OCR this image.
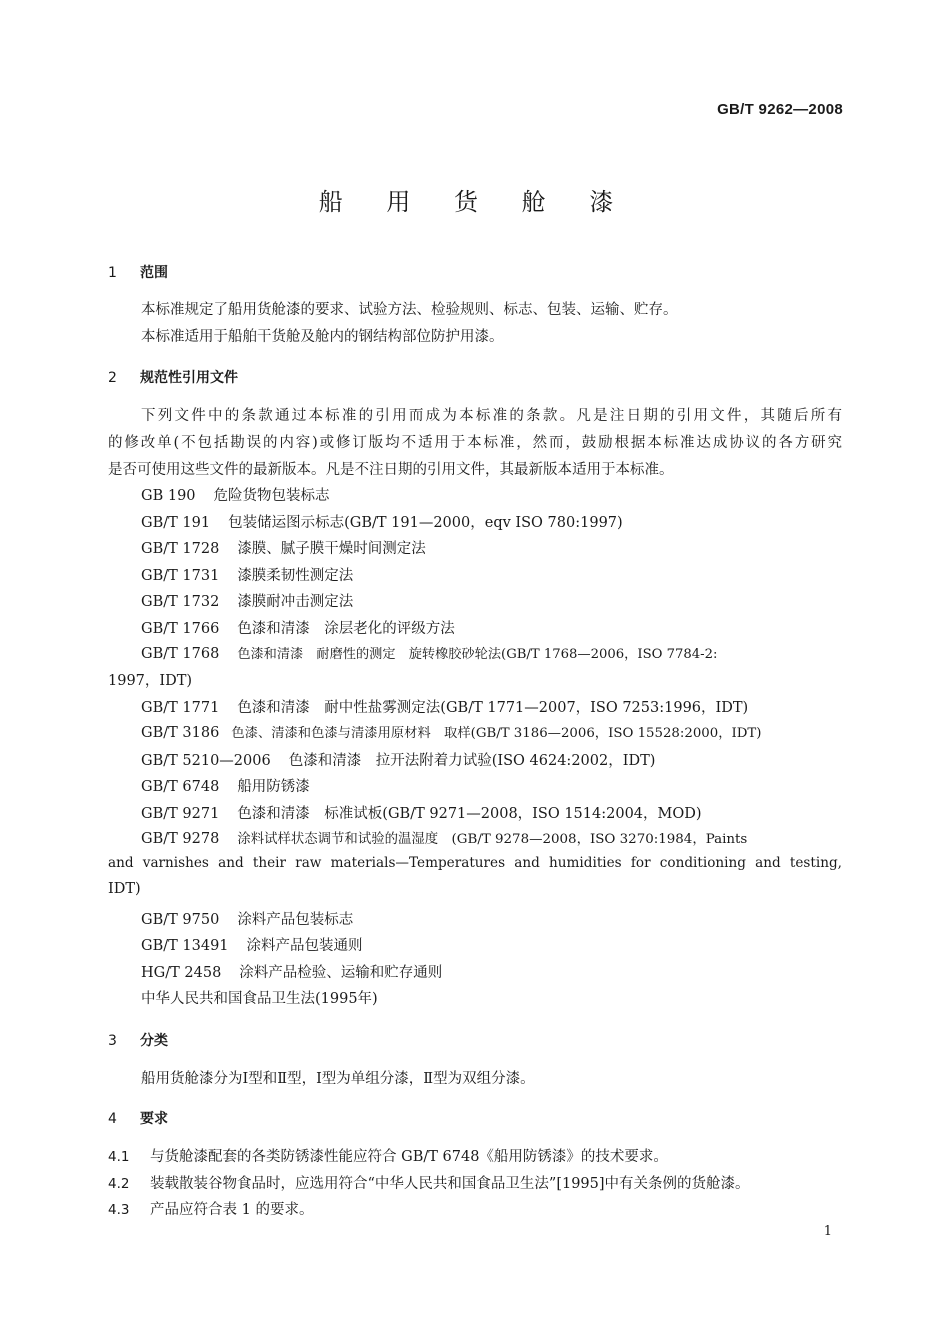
GB/T 9262—2008
船 用 货 舱 漆
1 范围
本标准规定了船用货舱漆的要求、试验方法、检验规则、标志、包装、运输、贮存。
本标准适用于船舶干货舱及舱内的钢结构部位防护用漆。
2 规范性引用文件
下列文件中的条款通过本标准的引用而成为本标准的条款。凡是注日期的引用文件，其随后所有
的修改单(不包括勘误的内容)或修订版均不适用于本标准，然而，鼓励根据本标准达成协议的各方研究
是否可使用这些文件的最新版本。凡是不注日期的引用文件，其最新版本适用于本标准。
GB 190 危险货物包装标志
GB/T 191 包装储运图示标志(GB/T 191—2000，eqv ISO 780:1997)
GB/T 1728 漆膜、腻子膜干燥时间测定法
GB/T 1731 漆膜柔韧性测定法
GB/T 1732 漆膜耐冲击测定法
GB/T 1766 色漆和清漆　涂层老化的评级方法
GB/T 1768 色漆和清漆　耐磨性的测定　旋转橡胶砂轮法(GB/T 1768—2006，ISO 7784-2:
1997，IDT)
GB/T 1771 色漆和清漆　耐中性盐雾测定法(GB/T 1771—2007，ISO 7253:1996，IDT)
GB/T 3186 色漆、清漆和色漆与清漆用原材料　取样(GB/T 3186—2006，ISO 15528:2000，IDT)
GB/T 5210—2006 色漆和清漆　拉开法附着力试验(ISO 4624:2002，IDT)
GB/T 6748 船用防锈漆
GB/T 9271 色漆和清漆　标准试板(GB/T 9271—2008，ISO 1514:2004，MOD)
GB/T 9278 涂料试样状态调节和试验的温湿度　(GB/T 9278—2008，ISO 3270:1984，Paints
and varnishes and their raw materials—Temperatures and humidities for conditioning and testing,
IDT)
GB/T 9750 涂料产品包装标志
GB/T 13491 涂料产品包装通则
HG/T 2458 涂料产品检验、运输和贮存通则
中华人民共和国食品卫生法(1995年)
3 分类
船用货舱漆分为Ⅰ型和Ⅱ型，Ⅰ型为单组分漆，Ⅱ型为双组分漆。
4 要求
4.1 与货舱漆配套的各类防锈漆性能应符合 GB/T 6748《船用防锈漆》的技术要求。
4.2 装载散装谷物食品时，应选用符合“中华人民共和国食品卫生法”[1995]中有关条例的货舱漆。
4.3 产品应符合表 1 的要求。
1
